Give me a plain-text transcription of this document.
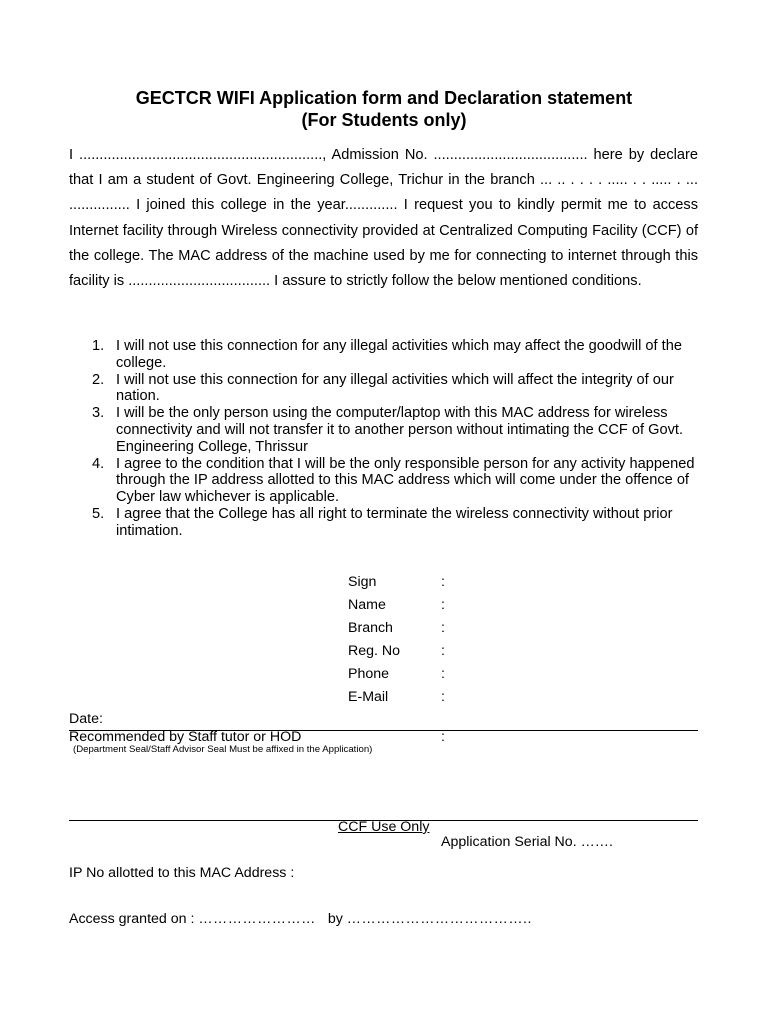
GECTCR WIFI Application form and Declaration statement
(For Students only)

I ............................................................, Admission No. ...................................... here by declare that I am a student of Govt. Engineering College, Trichur in the branch ... .. . . . . ..... . . ..... . ... ............... I joined this college in the year............. I request you to kindly permit me to access Internet facility through Wireless connectivity provided at Centralized Computing Facility (CCF) of the college. The MAC address of the machine used by me for connecting to internet through this facility is ................................... I assure to strictly follow the below mentioned conditions.

1. I will not use this connection for any illegal activities which may affect the goodwill of the college.
2. I will not use this connection for any illegal activities which will affect the integrity of our nation.
3. I will be the only person using the computer/laptop with this MAC address for wireless connectivity and will not transfer it to another person without intimating the CCF of Govt. Engineering College, Thrissur
4. I agree to the condition that I will be the only responsible person for any activity happened through the IP address allotted to this MAC address which will come under the offence of Cyber law whichever is applicable.
5. I agree that the College has all right to terminate the wireless connectivity without prior intimation.
Sign	:
Name	:
Branch	:
Reg. No	:
Phone	:
E-Mail	:
Date:
Recommended by Staff tutor or HOD	:
(Department Seal/Staff Advisor Seal Must be affixed in the Application)
CCF Use Only
Application Serial No. …….
IP No allotted to this MAC Address :
Access granted on : …………………… by ………………………………..
